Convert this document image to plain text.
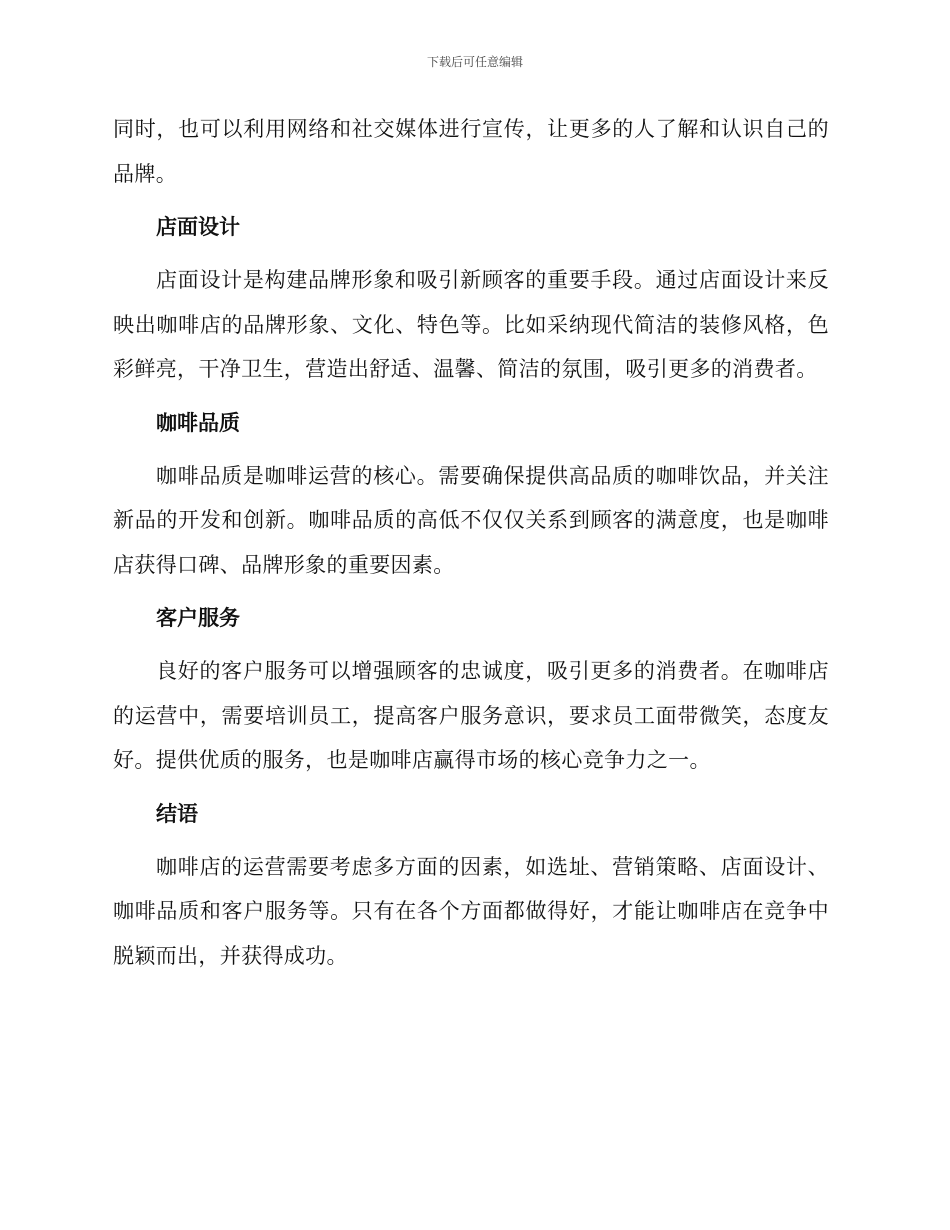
下载后可任意编辑

同时，也可以利用网络和社交媒体进行宣传，让更多的人了解和认识自己的品牌。

店面设计

店面设计是构建品牌形象和吸引新顾客的重要手段。通过店面设计来反映出咖啡店的品牌形象、文化、特色等。比如采纳现代简洁的装修风格，色彩鲜亮，干净卫生，营造出舒适、温馨、简洁的氛围，吸引更多的消费者。

咖啡品质

咖啡品质是咖啡运营的核心。需要确保提供高品质的咖啡饮品，并关注新品的开发和创新。咖啡品质的高低不仅仅关系到顾客的满意度，也是咖啡店获得口碑、品牌形象的重要因素。

客户服务

良好的客户服务可以增强顾客的忠诚度，吸引更多的消费者。在咖啡店的运营中，需要培训员工，提高客户服务意识，要求员工面带微笑，态度友好。提供优质的服务，也是咖啡店赢得市场的核心竞争力之一。

结语

咖啡店的运营需要考虑多方面的因素，如选址、营销策略、店面设计、咖啡品质和客户服务等。只有在各个方面都做得好，才能让咖啡店在竞争中脱颖而出，并获得成功。
